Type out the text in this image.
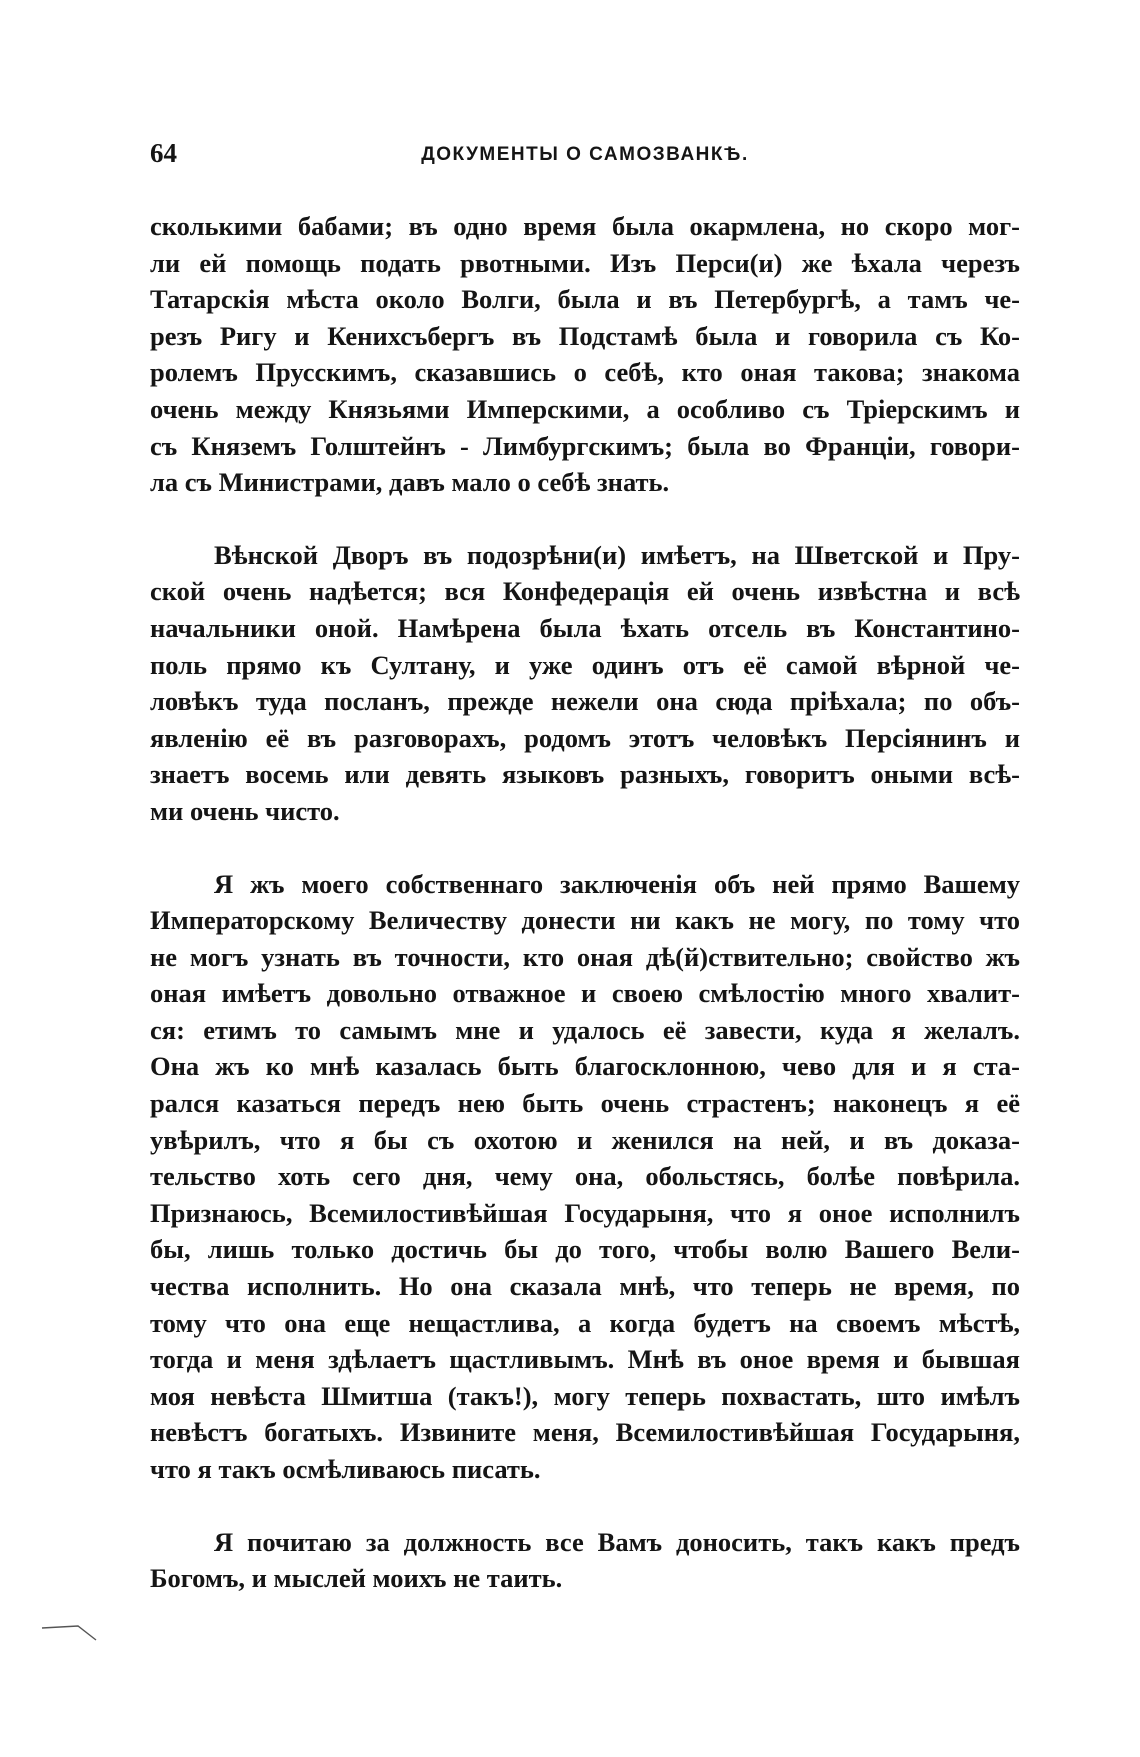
64	ДОКУМЕНТЫ О САМОЗВАНКѢ.
сколькими бабами; въ одно время была окармлена, но скоро мог-
ли ей помощь подать рвотными. Изъ Перси(и) же ѣхала черезъ
Татарскія мѣста около Волги, была и въ Петербургѣ, а тамъ че-
резъ Ригу и Кенихсъбергъ въ Подстамѣ была и говорила съ Ко-
ролемъ Прусскимъ, сказавшись о себѣ, кто оная такова; знакома
очень между Князьями Имперскими, а особливо съ Тріерскимъ и
съ Княземъ Голштейнъ - Лимбургскимъ; была во Франціи, говори-
ла съ Министрами, давъ мало о себѣ знать.
Вѣнской Дворъ въ подозрѣни(и) имѣетъ, на Шветской и Пру-
ской очень надѣется; вся Конфедерація ей очень извѣстна и всѣ
начальники оной. Намѣрена была ѣхать отсель въ Константино-
поль прямо къ Султану, и уже одинъ отъ её самой вѣрной че-
ловѣкъ туда посланъ, прежде нежели она сюда пріѣхала; по объ-
явленію её въ разговорахъ, родомъ этотъ человѣкъ Персіянинъ и
знаетъ восемь или девять языковъ разныхъ, говоритъ оными всѣ-
ми очень чисто.
Я жъ моего собственнаго заключенія объ ней прямо Вашему
Императорскому Величеству донести ни какъ не могу, по тому что
не могъ узнать въ точности, кто оная дѣ(й)ствительно; свойство жъ
оная имѣетъ довольно отважное и своею смѣлостію много хвалит-
ся: етимъ то самымъ мне и удалось её завести, куда я желалъ.
Она жъ ко мнѣ казалась быть благосклонною, чево для и я ста-
рался казаться передъ нею быть очень страстенъ; наконецъ я её
увѣрилъ, что я бы съ охотою и женился на ней, и въ доказа-
тельство хоть сего дня, чему она, обольстясь, болѣе повѣрила.
Признаюсь, Всемилостивѣйшая Государыня, что я оное исполнилъ
бы, лишь только достичь бы до того, чтобы волю Вашего Вели-
чества исполнить. Но она сказала мнѣ, что теперь не время, по
тому что она еще нещастлива, а когда будетъ на своемъ мѣстѣ,
тогда и меня здѣлаетъ щастливымъ. Мнѣ въ оное время и бывшая
моя невѣста Шмитша (такъ!), могу теперь похвастать, што имѣлъ
невѣстъ богатыхъ. Извините меня, Всемилостивѣйшая Государыня,
что я такъ осмѣливаюсь писать.
Я почитаю за должность все Вамъ доносить, такъ какъ предъ
Богомъ, и мыслей моихъ не таить.
